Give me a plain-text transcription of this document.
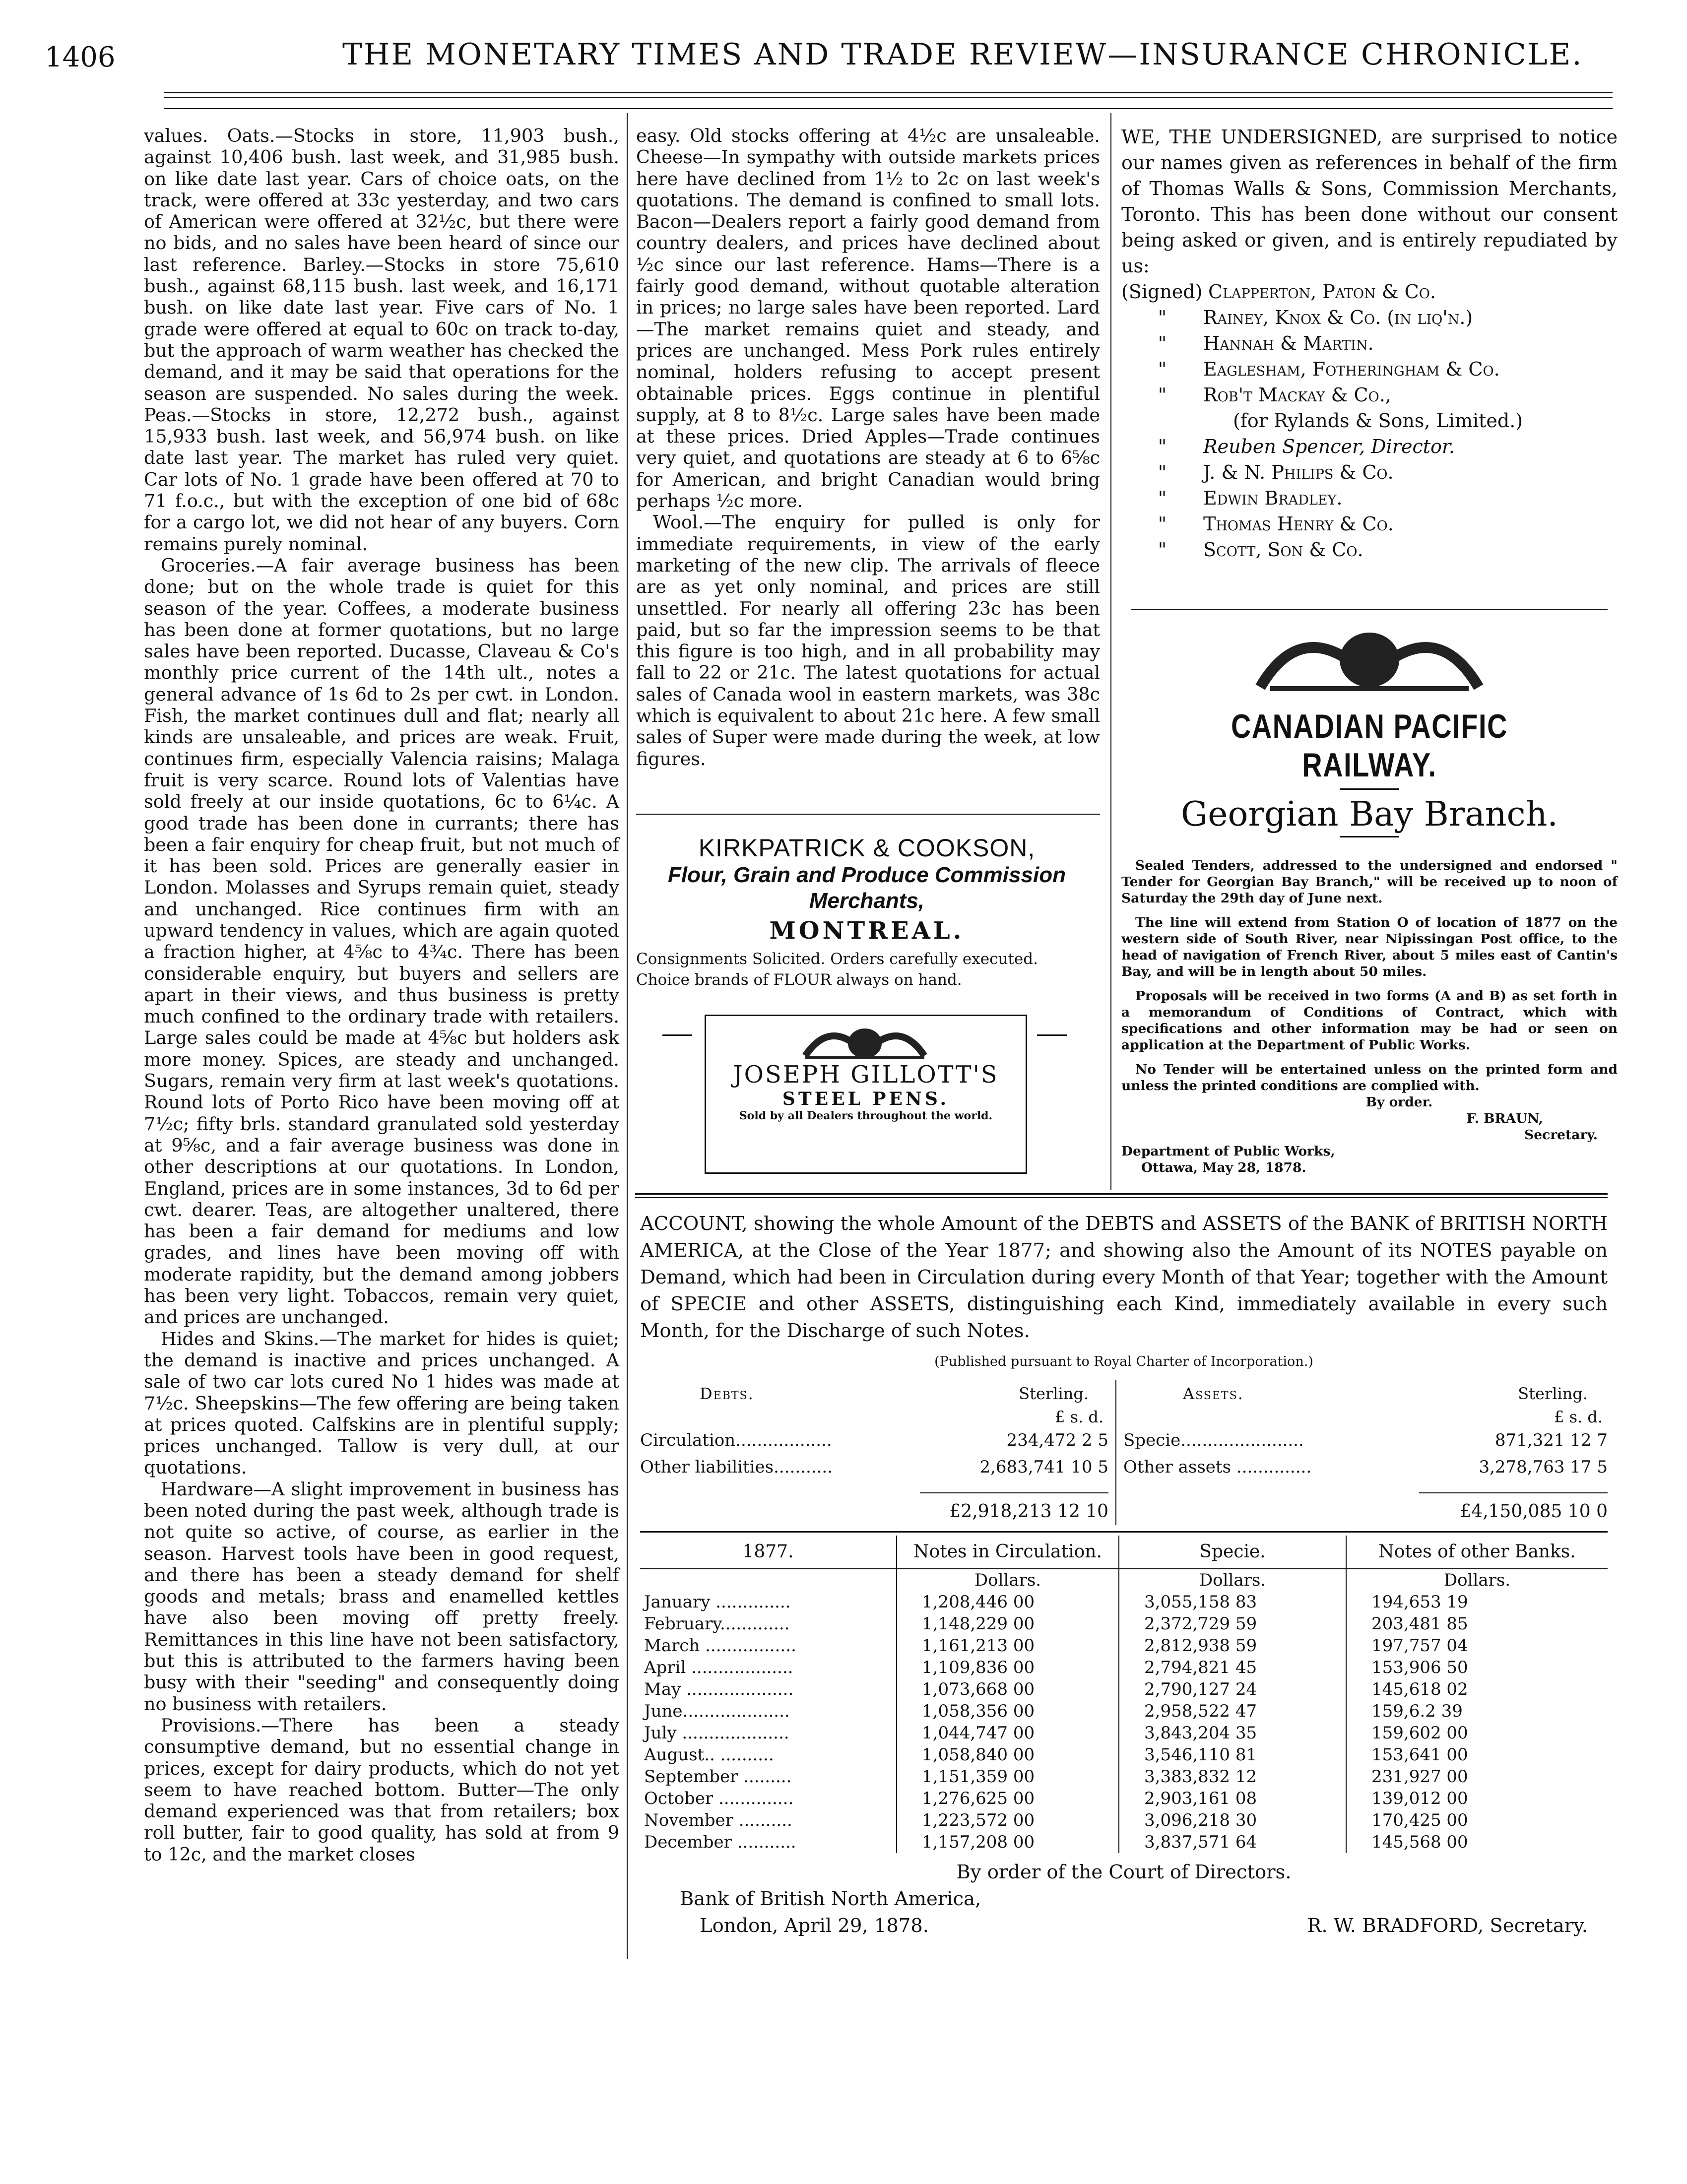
1406	THE MONETARY TIMES AND TRADE REVIEW—INSURANCE CHRONICLE.

values. Oats.—Stocks in store, 11,903 bush., against 10,406 bush. last week, and 31,985 bush. on like date last year. Cars of choice oats, on the track, were offered at 33c yesterday, and two cars of American were offered at 32½c, but there were no bids, and no sales have been heard of since our last reference. Barley.—Stocks in store 75,610 bush., against 68,115 bush. last week, and 16,171 bush. on like date last year. Five cars of No. 1 grade were offered at equal to 60c on track to-day, but the approach of warm weather has checked the demand, and it may be said that operations for the season are suspended. No sales during the week. Peas.—Stocks in store, 12,272 bush., against 15,933 bush. last week, and 56,974 bush. on like date last year. The market has ruled very quiet. Car lots of No. 1 grade have been offered at 70 to 71 f.o.c., but with the exception of one bid of 68c for a cargo lot, we did not hear of any buyers. Corn remains purely nominal.

Groceries.—A fair average business has been done; but on the whole trade is quiet for this season of the year. Coffees, a moderate business has been done at former quotations, but no large sales have been reported. Ducasse, Claveau & Co's monthly price current of the 14th ult., notes a general advance of 1s 6d to 2s per cwt. in London. Fish, the market continues dull and flat; nearly all kinds are unsaleable, and prices are weak. Fruit, continues firm, especially Valencia raisins; Malaga fruit is very scarce. Round lots of Valentias have sold freely at our inside quotations, 6c to 6¼c. A good trade has been done in currants; there has been a fair enquiry for cheap fruit, but not much of it has been sold. Prices are generally easier in London. Molasses and Syrups remain quiet, steady and unchanged. Rice continues firm with an upward tendency in values, which are again quoted a fraction higher, at 4⅝c to 4¾c. There has been considerable enquiry, but buyers and sellers are apart in their views, and thus business is pretty much confined to the ordinary trade with retailers. Large sales could be made at 4⅝c but holders ask more money. Spices, are steady and unchanged. Sugars, remain very firm at last week's quotations. Round lots of Porto Rico have been moving off at 7½c; fifty brls. standard granulated sold yesterday at 9⅝c, and a fair average business was done in other descriptions at our quotations. In London, England, prices are in some instances, 3d to 6d per cwt. dearer. Teas, are altogether unaltered, there has been a fair demand for mediums and low grades, and lines have been moving off with moderate rapidity, but the demand among jobbers has been very light. Tobaccos, remain very quiet, and prices are unchanged.

Hides and Skins.—The market for hides is quiet; the demand is inactive and prices unchanged. A sale of two car lots cured No 1 hides was made at 7½c. Sheepskins—The few offering are being taken at prices quoted. Calfskins are in plentiful supply; prices unchanged. Tallow is very dull, at our quotations.

Hardware—A slight improvement in business has been noted during the past week, although trade is not quite so active, of course, as earlier in the season. Harvest tools have been in good request, and there has been a steady demand for shelf goods and metals; brass and enamelled kettles have also been moving off pretty freely. Remittances in this line have not been satisfactory, but this is attributed to the farmers having been busy with their "seeding" and consequently doing no business with retailers.

Provisions.—There has been a steady consumptive demand, but no essential change in prices, except for dairy products, which do not yet seem to have reached bottom. Butter—The only demand experienced was that from retailers; box roll butter, fair to good quality, has sold at from 9 to 12c, and the market closes

easy. Old stocks offering at 4½c are unsaleable. Cheese—In sympathy with outside markets prices here have declined from 1½ to 2c on last week's quotations. The demand is confined to small lots. Bacon—Dealers report a fairly good demand from country dealers, and prices have declined about ½c since our last reference. Hams—There is a fairly good demand, without quotable alteration in prices; no large sales have been reported. Lard—The market remains quiet and steady, and prices are unchanged. Mess Pork rules entirely nominal, holders refusing to accept present obtainable prices. Eggs continue in plentiful supply, at 8 to 8½c. Large sales have been made at these prices. Dried Apples—Trade continues very quiet, and quotations are steady at 6 to 6⅝c for American, and bright Canadian would bring perhaps ½c more.

Wool.—The enquiry for pulled is only for immediate requirements, in view of the early marketing of the new clip. The arrivals of fleece are as yet only nominal, and prices are still unsettled. For nearly all offering 23c has been paid, but so far the impression seems to be that this figure is too high, and in all probability may fall to 22 or 21c. The latest quotations for actual sales of Canada wool in eastern markets, was 38c which is equivalent to about 21c here. A few small sales of Super were made during the week, at low figures.

KIRKPATRICK & COOKSON,
Flour, Grain and Produce Commission
Merchants,
MONTREAL.
Consignments Solicited. Orders carefully executed.
Choice brands of FLOUR always on hand.
JOSEPH GILLOTT'S
STEEL PENS.
Sold by all Dealers throughout the world.
WE, THE UNDERSIGNED, are surprised to notice our names given as references in behalf of the firm of Thomas Walls & Sons, Commission Merchants, Toronto. This has been done without our consent being asked or given, and is entirely repudiated by us:
(Signed) Clapperton, Paton & Co.
"	Rainey, Knox & Co. (in liq'n.)
"	Hannah & Martin.
"	Eaglesham, Fotheringham & Co.
"	Rob't Mackay & Co.,
(for Rylands & Sons, Limited.)
"	Reuben Spencer, Director.
"	J. & N. Philips & Co.
"	Edwin Bradley.
"	Thomas Henry & Co.
"	Scott, Son & Co.
CANADIAN PACIFIC RAILWAY.
Georgian Bay Branch.

Sealed Tenders, addressed to the undersigned and endorsed " Tender for Georgian Bay Branch," will be received up to noon of Saturday the 29th day of June next.

The line will extend from Station O of location of 1877 on the western side of South River, near Nipissingan Post office, to the head of navigation of French River, about 5 miles east of Cantin's Bay, and will be in length about 50 miles.

Proposals will be received in two forms (A and B) as set forth in a memorandum of Conditions of Contract, which with specifications and other information may be had or seen on application at the Department of Public Works.

No Tender will be entertained unless on the printed form and unless the printed conditions are complied with.

By order.
F. BRAUN,
Secretary.
Department of Public Works,
Ottawa, May 28, 1878.
ACCOUNT, showing the whole Amount of the DEBTS and ASSETS of the BANK of BRITISH NORTH AMERICA, at the Close of the Year 1877; and showing also the Amount of its NOTES payable on Demand, which had been in Circulation during every Month of that Year; together with the Amount of SPECIE and other ASSETS, distinguishing each Kind, immediately available in every such Month, for the Discharge of such Notes.
(Published pursuant to Royal Charter of Incorporation.)
Debts.	Sterling.
£ s. d.
Circulation..................	234,472 2 5
Other liabilities...........	2,683,741 10 5
£2,918,213 12 10
Assets.	Sterling.
£ s. d.
Specie.......................	871,321 12 7
Other assets ..............	3,278,763 17 5
£4,150,085 10 0
1877.	Notes in Circulation.	Specie.	Notes of other Banks.
	Dollars.	Dollars.	Dollars.
January ..............	1,208,446 00	3,055,158 83	194,653 19
February.............	1,148,229 00	2,372,729 59	203,481 85
March .................	1,161,213 00	2,812,938 59	197,757 04
April ...................	1,109,836 00	2,794,821 45	153,906 50
May ....................	1,073,668 00	2,790,127 24	145,618 02
June....................	1,058,356 00	2,958,522 47	159,6.2 39
July ....................	1,044,747 00	3,843,204 35	159,602 00
August.. ..........	1,058,840 00	3,546,110 81	153,641 00
September .........	1,151,359 00	3,383,832 12	231,927 00
October ..............	1,276,625 00	2,903,161 08	139,012 00
November ..........	1,223,572 00	3,096,218 30	170,425 00
December ...........	1,157,208 00	3,837,571 64	145,568 00
By order of the Court of Directors.
Bank of British North America,
London, April 29, 1878.	R. W. BRADFORD, Secretary.
